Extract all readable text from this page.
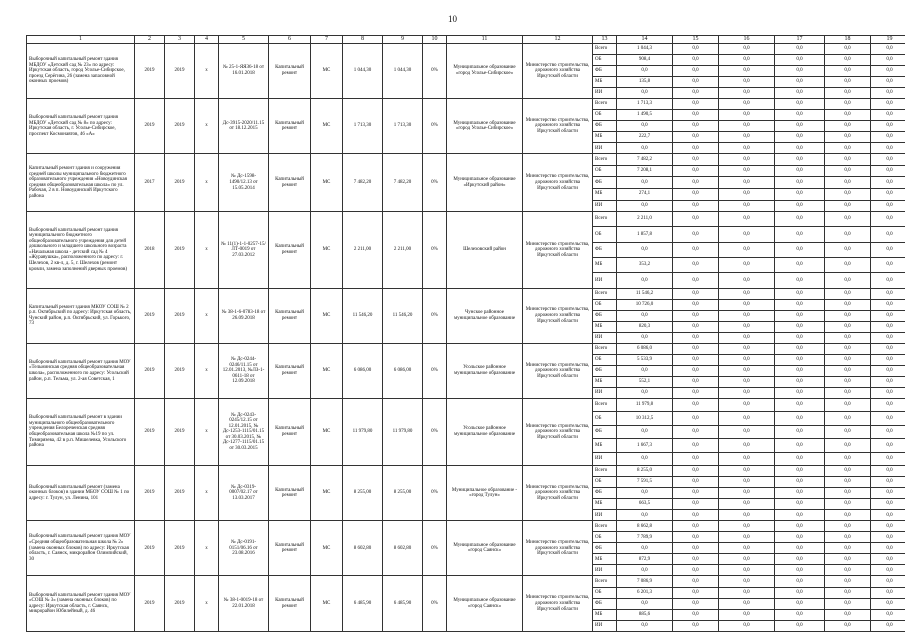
10
1	2	3	4	5	6	7	8	9	10	11	12	13	14	15	16	17	18	19
Выборочный капитальный ремонт здания МБДОУ «Детский сад № 23» по адресу: Иркутская область, город Усолье-Сибирское, проезд Серёгина, 26 (замена запасовной оконных проемов)	2019	2019	х	№ 25-1-ЯЯЗ6-18 от 16.01.2018	Капитальный ремонт	МС	1 044,30	1 044,30	0%	Муниципальное образование «город Усолье-Сибирское»	Министерство строительства, дорожного хозяйства Иркутской области	Всего	1 044,3	0,0	0,0	0,0	0,0	0,0
												ОБ	908,4	0,0	0,0	0,0	0,0	0,0
												ФБ	0,0	0,0	0,0	0,0	0,0	0,0
												МБ	135,8	0,0	0,0	0,0	0,0	0,0
												ИИ	0,0	0,0	0,0	0,0	0,0	0,0
Выборочный капитальный ремонт здания МБДОУ «Детский сад № 8» по адресу: Иркутская область, г. Усолье-Сибирское, проспект Космонавтов, 46 «А»	2019	2019	х	Дс-3915-2020/11.15 от 18.12.2015	Капитальный ремонт	МС	1 713,30	1 713,30	0%	Муниципальное образование «город Усолье-Сибирское»	Министерство строительства, дорожного хозяйства Иркутской области	Всего	1 713,3	0,0	0,0	0,0	0,0	0,0
												ОБ	1 490,5	0,0	0,0	0,0	0,0	0,0
												ФБ	0,0	0,0	0,0	0,0	0,0	0,0
												МБ	222,7	0,0	0,0	0,0	0,0	0,0
												ИИ	0,0	0,0	0,0	0,0	0,0	0,0
Капитальный ремонт здания и сооружения средней школы муниципального бюджетного образовательного учреждения «Новоудинская средняя общеобразовательная школа» по ул. Рабочая, 2 в п. Новоудинский Иркутского района	2017	2019	х	№ Дс-1598-1490/12.13 от 15.05.2014	Капитальный ремонт	МС	7 482,20	7 482,20	0%	Муниципальное образование «Иркутский район»	Министерство строительства, дорожного хозяйства Иркутской области	Всего	7 482,2	0,0	0,0	0,0	0,0	0,0
												ОБ	7 208,1	0,0	0,0	0,0	0,0	0,0
												ФБ	0,0	0,0	0,0	0,0	0,0	0,0
												МБ	274,1	0,0	0,0	0,0	0,0	0,0
												ИИ	0,0	0,0	0,0	0,0	0,0	0,0
Выборочный капитальный ремонт здания муниципального бюджетного общеобразовательного учреждения для детей дошкольного и младшего школьного возраста «Начальная школа - детский сад № 4 «Журавушка», расположенного по адресу: г. Шелехов, 2 кв-л, д. 5, г. Шелехов (ремонт кровли, замена заполнений дверных проемов)	2018	2019	х	№ 11(1)-1-1-0257-15/ЛТ-0019 от 27.03.2012	Капитальный ремонт	МС	2 211,00	2 211,00	0%	Шелеховский район	Министерство строительства, дорожного хозяйства Иркутской области	Всего	2 211,0	0,0	0,0	0,0	0,0	0,0
												ОБ	1 857,8	0,0	0,0	0,0	0,0	0,0
												ФБ	0,0	0,0	0,0	0,0	0,0	0,0
												МБ	353,2	0,0	0,0	0,0	0,0	0,0
												ИИ	0,0	0,0	0,0	0,0	0,0	0,0
Капитальный ремонт здания МКОУ СОШ № 2 р.п. Октябрьский по адресу: Иркутская область, Чунский район, р.п. Октябрьский, ул. Горького, 73	2019	2019	х	№ 38-1-6-0783-18 от 26.09.2018	Капитальный ремонт	МС	11 546,20	11 546,20	0%	Чунское районное муниципальное образование	Министерство строительства, дорожного хозяйства Иркутской области	Всего	11 546,2	0,0	0,0	0,0	0,0	0,0
												ОБ	10 726,0	0,0	0,0	0,0	0,0	0,0
												ФБ	0,0	0,0	0,0	0,0	0,0	0,0
												МБ	820,3	0,0	0,0	0,0	0,0	0,0
												ИИ	0,0	0,0	0,0	0,0	0,0	0,0
Выборочный капитальный ремонт здания МОУ «Тельминская средняя общеобразовательная школа», расположенного по адресу: Усольский район, р.п. Тельма, ул. 2-ая Советская, 1	2019	2019	х	№ Дс-0244-0246/11.15 от 12.01.2013, №ЛЗ-1-0611-18 от 12.09.2018	Капитальный ремонт	МС	6 086,00	6 086,00	0%	Усольское районное муниципальное образование	Министерство строительства, дорожного хозяйства Иркутской области	Всего	6 086,0	0,0	0,0	0,0	0,0	0,0
												ОБ	5 533,9	0,0	0,0	0,0	0,0	0,0
												ФБ	0,0	0,0	0,0	0,0	0,0	0,0
												МБ	552,1	0,0	0,0	0,0	0,0	0,0
												ИИ	0,0	0,0	0,0	0,0	0,0	0,0
Выборочный капитальный ремонт в здании муниципального общеобразовательного учреждения Белореченская средняя общеобразовательная школа №19 по ул. Тимирязева, 42 в р.п. Мишелевка, Усольского района	2019	2019	х	№ Дс-0243-0245/12.15 от 12.01.2015, № Дс-1253-1115/01.15 от 30.03.2015, № Дс-1277-1115/01.15 от 30.03.2015	Капитальный ремонт	МС	11 979,80	11 979,80	0%	Усольское районное муниципальное образование	Министерство строительства, дорожного хозяйства Иркутской области	Всего	11 979,8	0,0	0,0	0,0	0,0	0,0
												ОБ	10 312,5	0,0	0,0	0,0	0,0	0,0
												ФБ	0,0	0,0	0,0	0,0	0,0	0,0
												МБ	1 667,3	0,0	0,0	0,0	0,0	0,0
												ИИ	0,0	0,0	0,0	0,0	0,0	0,0
Выборочный капитальный ремонт (замена оконных блоков) в здании МБОУ СОШ № 1 по адресу: г. Тулун, ул. Ленина, 101	2019	2019	х	№ Дс-0319-0007/02.17 от 13.03.2017	Капитальный ремонт	МС	8 255,00	8 255,00	0%	Муниципальное образование - «город Тулун»	Министерство строительства, дорожного хозяйства Иркутской области	Всего	8 255,0	0,0	0,0	0,0	0,0	0,0
												ОБ	7 591,5	0,0	0,0	0,0	0,0	0,0
												ФБ	0,0	0,0	0,0	0,0	0,0	0,0
												МБ	663,5	0,0	0,0	0,0	0,0	0,0
												ИИ	0,0	0,0	0,0	0,0	0,0	0,0
Выборочный капитальный ремонт здания МОУ «Средняя общеобразовательная школа № 2» (замена оконных блоков) по адресу: Иркутская область, г. Саянск, микрорайон Олимпийский, 30	2019	2019	х	№ Дс-0191-0151/06.16 от 23.08.2016	Капитальный ремонт	МС	8 602,80	8 602,80	0%	Муниципальное образование «город Саянск»	Министерство строительства, дорожного хозяйства Иркутской области	Всего	8 662,8	0,0	0,0	0,0	0,0	0,0
												ОБ	7 789,9	0,0	0,0	0,0	0,0	0,0
												ФБ	0,0	0,0	0,0	0,0	0,0	0,0
												МБ	872,9	0,0	0,0	0,0	0,0	0,0
												ИИ	0,0	0,0	0,0	0,0	0,0	0,0
Выборочный капитальный ремонт здания МОУ «СОШ № 3» (замена оконных блоков) по адресу: Иркутская область, г. Саянск, микрорайон Юбилейный, д. 46	2019	2019	х	№ 38-1-0019-18 от 22.01.2018	Капитальный ремонт	МС	6 485,90	6 485,90	0%	Муниципальное образование «город Саянск»	Министерство строительства, дорожного хозяйства Иркутской области	Всего	7 086,9	0,0	0,0	0,0	0,0	0,0
												ОБ	6 201,3	0,0	0,0	0,0	0,0	0,0
												ФБ	0,0	0,0	0,0	0,0	0,0	0,0
												МБ	885,6	0,0	0,0	0,0	0,0	0,0
												ИИ	0,0	0,0	0,0	0,0	0,0	0,0
